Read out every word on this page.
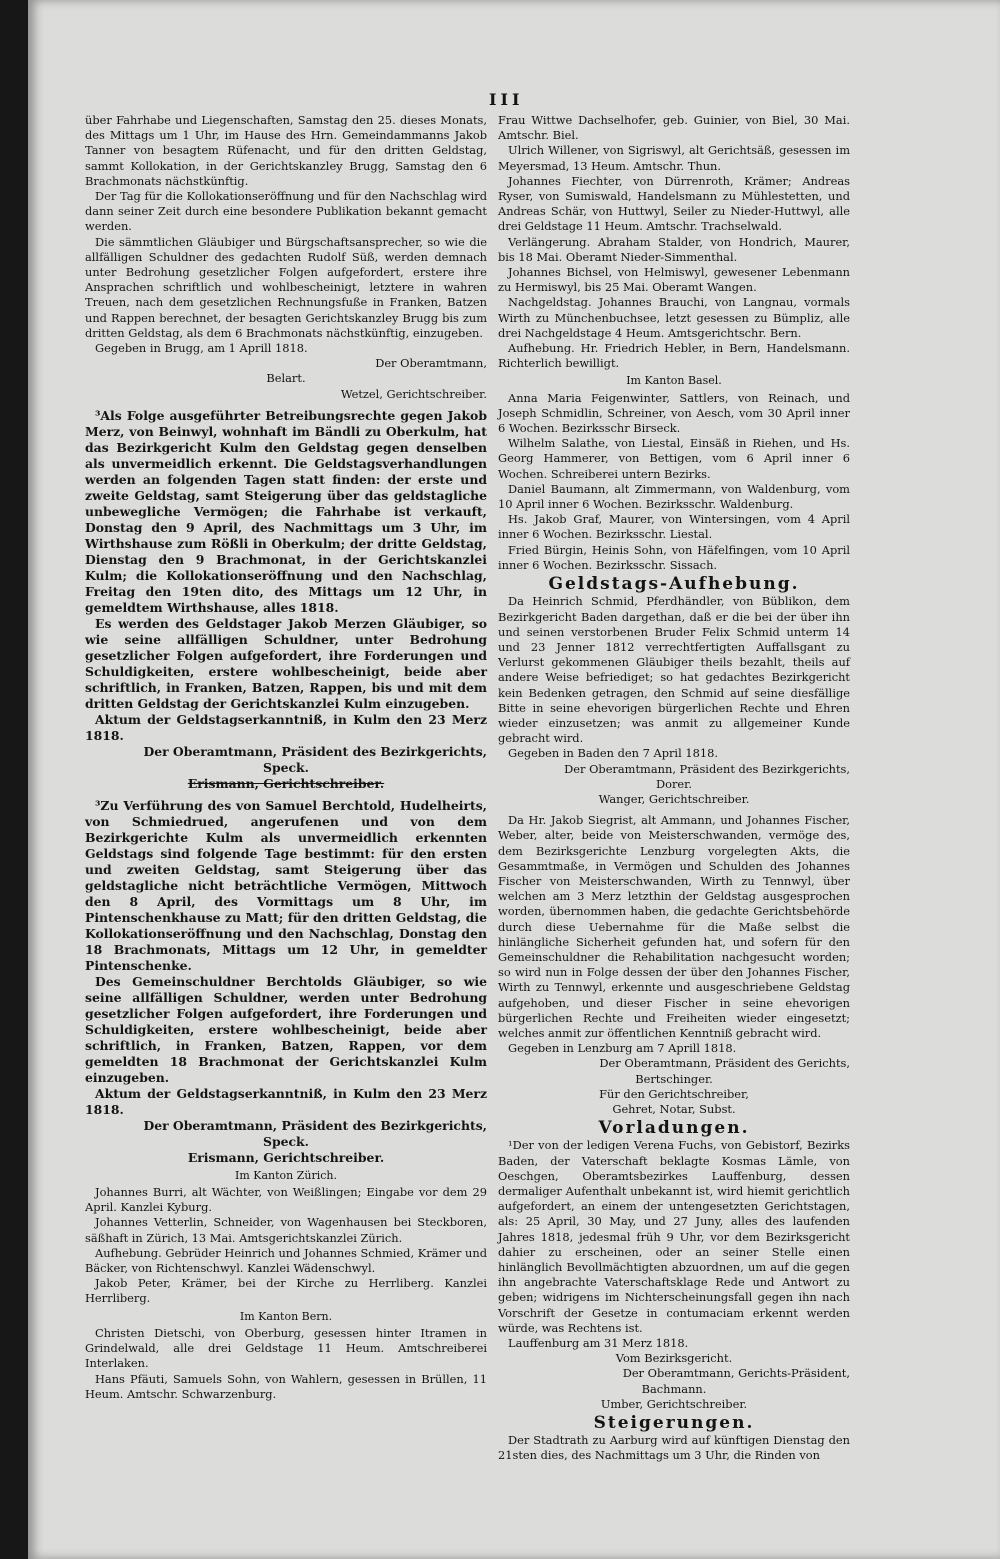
III

über Fahrhabe und Liegenschaften, Samstag den 25. dieses Monats, des Mittags um 1 Uhr, im Hause des Hrn. Gemeindammanns Jakob Tanner von besagtem Rüfenacht, und für den dritten Geldstag, sammt Kollokation, in der Gerichtskanzley Brugg, Samstag den 6 Brachmonats nächstkünftig.

Der Tag für die Kollokationseröffnung und für den Nachschlag wird dann seiner Zeit durch eine besondere Publikation bekannt gemacht werden.

Die sämmtlichen Gläubiger und Bürgschaftsansprecher, so wie die allfälligen Schuldner des gedachten Rudolf Süß, werden demnach unter Bedrohung gesetzlicher Folgen aufgefordert, erstere ihre Ansprachen schriftlich und wohlbescheinigt, letztere in wahren Treuen, nach dem gesetzlichen Rechnungsfuße in Franken, Batzen und Rappen berechnet, der besagten Gerichtskanzley Brugg bis zum dritten Geldstag, als dem 6 Brachmonats nächstkünftig, einzugeben.

Gegeben in Brugg, am 1 Aprill 1818.

Der Oberamtmann,

Belart.

Wetzel, Gerichtschreiber.

³Als Folge ausgeführter Betreibungsrechte gegen Jakob Merz, von Beinwyl, wohnhaft im Bändli zu Oberkulm, hat das Bezirkgericht Kulm den Geldstag gegen denselben als unvermeidlich erkennt. Die Geldstagsverhandlungen werden an folgenden Tagen statt finden: der erste und zweite Geldstag, samt Steigerung über das geldstagliche unbewegliche Vermögen; die Fahrhabe ist verkauft, Donstag den 9 April, des Nachmittags um 3 Uhr, im Wirthshause zum Rößli in Oberkulm; der dritte Geldstag, Dienstag den 9 Brachmonat, in der Gerichtskanzlei Kulm; die Kollokationseröffnung und den Nachschlag, Freitag den 19ten dito, des Mittags um 12 Uhr, in gemeldtem Wirthshause, alles 1818.

Es werden des Geldstager Jakob Merzen Gläubiger, so wie seine allfälligen Schuldner, unter Bedrohung gesetzlicher Folgen aufgefordert, ihre Forderungen und Schuldigkeiten, erstere wohlbescheinigt, beide aber schriftlich, in Franken, Batzen, Rappen, bis und mit dem dritten Geldstag der Gerichtskanzlei Kulm einzugeben.

Aktum der Geldstagserkanntniß, in Kulm den 23 Merz 1818.

Der Oberamtmann, Präsident des Bezirkgerichts,

Speck.

Erismann, Gerichtschreiber.

³Zu Verführung des von Samuel Berchtold, Hudelheirts, von Schmiedrued, angerufenen und von dem Bezirkgerichte Kulm als unvermeidlich erkennten Geldstags sind folgende Tage bestimmt: für den ersten und zweiten Geldstag, samt Steigerung über das geldstagliche nicht beträchtliche Vermögen, Mittwoch den 8 April, des Vormittags um 8 Uhr, im Pintenschenkhause zu Matt; für den dritten Geldstag, die Kollokationseröffnung und den Nachschlag, Donstag den 18 Brachmonats, Mittags um 12 Uhr, in gemeldter Pintenschenke.

Des Gemeinschuldner Berchtolds Gläubiger, so wie seine allfälligen Schuldner, werden unter Bedrohung gesetzlicher Folgen aufgefordert, ihre Forderungen und Schuldigkeiten, erstere wohlbescheinigt, beide aber schriftlich, in Franken, Batzen, Rappen, vor dem gemeldten 18 Brachmonat der Gerichtskanzlei Kulm einzugeben.

Aktum der Geldstagserkanntniß, in Kulm den 23 Merz 1818.

Der Oberamtmann, Präsident des Bezirkgerichts,

Speck.

Erismann, Gerichtschreiber.

Im Kanton Zürich.

Johannes Burri, alt Wächter, von Weißlingen; Eingabe vor dem 29 April. Kanzlei Kyburg.

Johannes Vetterlin, Schneider, von Wagenhausen bei Steckboren, säßhaft in Zürich, 13 Mai. Amtsgerichtskanzlei Zürich.

Aufhebung. Gebrüder Heinrich und Johannes Schmied, Krämer und Bäcker, von Richtenschwyl. Kanzlei Wädenschwyl.

Jakob Peter, Krämer, bei der Kirche zu Herrliberg. Kanzlei Herrliberg.

Im Kanton Bern.

Christen Dietschi, von Oberburg, gesessen hinter Itramen in Grindelwald, alle drei Geldstage 11 Heum. Amtschreiberei Interlaken.

Hans Pfäuti, Samuels Sohn, von Wahlern, gesessen in Brüllen, 11 Heum. Amtschr. Schwarzenburg.

Frau Wittwe Dachselhofer, geb. Guinier, von Biel, 30 Mai. Amtschr. Biel.

Ulrich Willener, von Sigriswyl, alt Gerichtsäß, gesessen im Meyersmad, 13 Heum. Amtschr. Thun.

Johannes Fiechter, von Dürrenroth, Krämer; Andreas Ryser, von Sumiswald, Handelsmann zu Mühlestetten, und Andreas Schär, von Huttwyl, Seiler zu Nieder-Huttwyl, alle drei Geldstage 11 Heum. Amtschr. Trachselwald.

Verlängerung. Abraham Stalder, von Hondrich, Maurer, bis 18 Mai. Oberamt Nieder-Simmenthal.

Johannes Bichsel, von Helmiswyl, gewesener Lebenmann zu Hermiswyl, bis 25 Mai. Oberamt Wangen.

Nachgeldstag. Johannes Brauchi, von Langnau, vormals Wirth zu Münchenbuchsee, letzt gesessen zu Bümpliz, alle drei Nachgeldstage 4 Heum. Amtsgerichtschr. Bern.

Aufhebung. Hr. Friedrich Hebler, in Bern, Handelsmann. Richterlich bewilligt.

Im Kanton Basel.

Anna Maria Feigenwinter, Sattlers, von Reinach, und Joseph Schmidlin, Schreiner, von Aesch, vom 30 April inner 6 Wochen. Bezirksschr Birseck.

Wilhelm Salathe, von Liestal, Einsäß in Riehen, und Hs. Georg Hammerer, von Bettigen, vom 6 April inner 6 Wochen. Schreiberei untern Bezirks.

Daniel Baumann, alt Zimmermann, von Waldenburg, vom 10 April inner 6 Wochen. Bezirksschr. Waldenburg.

Hs. Jakob Graf, Maurer, von Wintersingen, vom 4 April inner 6 Wochen. Bezirksschr. Liestal.

Fried Bürgin, Heinis Sohn, von Häfelfingen, vom 10 April inner 6 Wochen. Bezirksschr. Sissach.

Geldstags-Aufhebung.

Da Heinrich Schmid, Pferdhändler, von Büblikon, dem Bezirkgericht Baden dargethan, daß er die bei der über ihn und seinen verstorbenen Bruder Felix Schmid unterm 14 und 23 Jenner 1812 verrechtfertigten Auffallsgant zu Verlurst gekommenen Gläubiger theils bezahlt, theils auf andere Weise befriediget; so hat gedachtes Bezirkgericht kein Bedenken getragen, den Schmid auf seine diesfällige Bitte in seine ehevorigen bürgerlichen Rechte und Ehren wieder einzusetzen; was anmit zu allgemeiner Kunde gebracht wird.

Gegeben in Baden den 7 April 1818.

Der Oberamtmann, Präsident des Bezirkgerichts,

Dorer.

Wanger, Gerichtschreiber.

Da Hr. Jakob Siegrist, alt Ammann, und Johannes Fischer, Weber, alter, beide von Meisterschwanden, vermöge des, dem Bezirksgerichte Lenzburg vorgelegten Akts, die Gesammtmaße, in Vermögen und Schulden des Johannes Fischer von Meisterschwanden, Wirth zu Tennwyl, über welchen am 3 Merz letzthin der Geldstag ausgesprochen worden, übernommen haben, die gedachte Gerichtsbehörde durch diese Uebernahme für die Maße selbst die hinlängliche Sicherheit gefunden hat, und sofern für den Gemeinschuldner die Rehabilitation nachgesucht worden; so wird nun in Folge dessen der über den Johannes Fischer, Wirth zu Tennwyl, erkennte und ausgeschriebene Geldstag aufgehoben, und dieser Fischer in seine ehevorigen bürgerlichen Rechte und Freiheiten wieder eingesetzt; welches anmit zur öffentlichen Kenntniß gebracht wird.

Gegeben in Lenzburg am 7 Aprill 1818.

Der Oberamtmann, Präsident des Gerichts,

Bertschinger.

Für den Gerichtschreiber,

Gehret, Notar, Subst.

Vorladungen.

¹Der von der ledigen Verena Fuchs, von Gebistorf, Bezirks Baden, der Vaterschaft beklagte Kosmas Lämle, von Oeschgen, Oberamtsbezirkes Lauffenburg, dessen dermaliger Aufenthalt unbekannt ist, wird hiemit gerichtlich aufgefordert, an einem der untengesetzten Gerichtstagen, als: 25 April, 30 May, und 27 Juny, alles des laufenden Jahres 1818, jedesmal früh 9 Uhr, vor dem Bezirksgericht dahier zu erscheinen, oder an seiner Stelle einen hinlänglich Bevollmächtigten abzuordnen, um auf die gegen ihn angebrachte Vaterschaftsklage Rede und Antwort zu geben; widrigens im Nichterscheinungsfall gegen ihn nach Vorschrift der Gesetze in contumaciam erkennt werden würde, was Rechtens ist.

Lauffenburg am 31 Merz 1818.

Vom Bezirksgericht.

Der Oberamtmann, Gerichts-Präsident,

Bachmann.

Umber, Gerichtschreiber.

Steigerungen.

Der Stadtrath zu Aarburg wird auf künftigen Dienstag den 21sten dies, des Nachmittags um 3 Uhr, die Rinden von
